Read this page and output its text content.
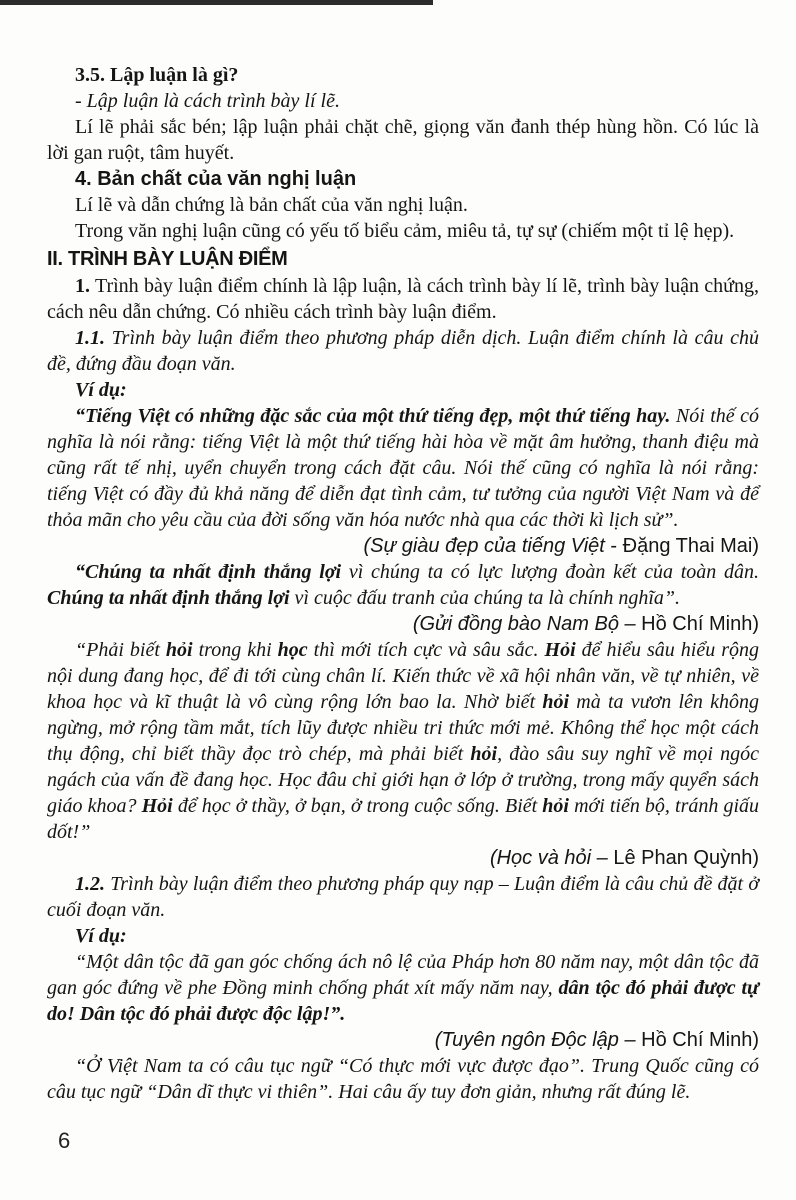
3.5. Lập luận là gì?

- Lập luận là cách trình bày lí lẽ.

Lí lẽ phải sắc bén; lập luận phải chặt chẽ, giọng văn đanh thép hùng hồn. Có lúc là lời gan ruột, tâm huyết.

4. Bản chất của văn nghị luận

Lí lẽ và dẫn chứng là bản chất của văn nghị luận.

Trong văn nghị luận cũng có yếu tố biểu cảm, miêu tả, tự sự (chiếm một tỉ lệ hẹp).

II. TRÌNH BÀY LUẬN ĐIỂM

1. Trình bày luận điểm chính là lập luận, là cách trình bày lí lẽ, trình bày luận chứng, cách nêu dẫn chứng. Có nhiều cách trình bày luận điểm.

1.1. Trình bày luận điểm theo phương pháp diễn dịch. Luận điểm chính là câu chủ đề, đứng đầu đoạn văn.

Ví dụ:

“Tiếng Việt có những đặc sắc của một thứ tiếng đẹp, một thứ tiếng hay. Nói thế có nghĩa là nói rằng: tiếng Việt là một thứ tiếng hài hòa về mặt âm hưởng, thanh điệu mà cũng rất tế nhị, uyển chuyển trong cách đặt câu. Nói thế cũng có nghĩa là nói rằng: tiếng Việt có đầy đủ khả năng để diễn đạt tình cảm, tư tưởng của người Việt Nam và để thỏa mãn cho yêu cầu của đời sống văn hóa nước nhà qua các thời kì lịch sử”.

(Sự giàu đẹp của tiếng Việt - Đặng Thai Mai)

“Chúng ta nhất định thắng lợi vì chúng ta có lực lượng đoàn kết của toàn dân. Chúng ta nhất định thắng lợi vì cuộc đấu tranh của chúng ta là chính nghĩa”.

(Gửi đồng bào Nam Bộ – Hồ Chí Minh)

“Phải biết hỏi trong khi học thì mới tích cực và sâu sắc. Hỏi để hiểu sâu hiểu rộng nội dung đang học, để đi tới cùng chân lí. Kiến thức về xã hội nhân văn, về tự nhiên, về khoa học và kĩ thuật là vô cùng rộng lớn bao la. Nhờ biết hỏi mà ta vươn lên không ngừng, mở rộng tầm mắt, tích lũy được nhiều tri thức mới mẻ. Không thể học một cách thụ động, chỉ biết thầy đọc trò chép, mà phải biết hỏi, đào sâu suy nghĩ về mọi ngóc ngách của vấn đề đang học. Học đâu chỉ giới hạn ở lớp ở trường, trong mấy quyển sách giáo khoa? Hỏi để học ở thầy, ở bạn, ở trong cuộc sống. Biết hỏi mới tiến bộ, tránh giấu dốt!”

(Học và hỏi – Lê Phan Quỳnh)

1.2. Trình bày luận điểm theo phương pháp quy nạp – Luận điểm là câu chủ đề đặt ở cuối đoạn văn.

Ví dụ:

“Một dân tộc đã gan góc chống ách nô lệ của Pháp hơn 80 năm nay, một dân tộc đã gan góc đứng về phe Đồng minh chống phát xít mấy năm nay, dân tộc đó phải được tự do! Dân tộc đó phải được độc lập!”.

(Tuyên ngôn Độc lập – Hồ Chí Minh)

“Ở Việt Nam ta có câu tục ngữ “Có thực mới vực được đạo”. Trung Quốc cũng có câu tục ngữ “Dân dĩ thực vi thiên”. Hai câu ấy tuy đơn giản, nhưng rất đúng lẽ.

6
